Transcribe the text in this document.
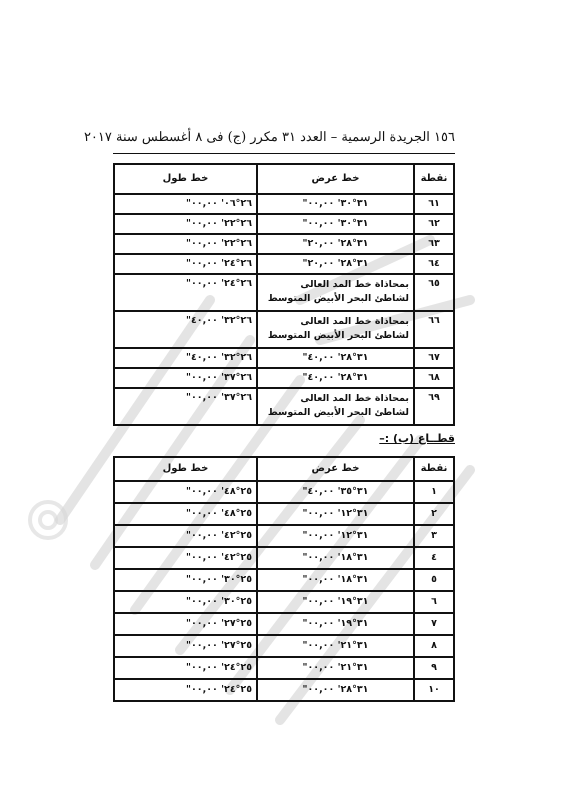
١٥٦ الجريدة الرسمية – العدد ٣١ مكرر (ج) فى ٨ أغسطس سنة ٢٠١٧
نقطة	خط عرض	خط طول
٦١	٣١°٣٠' ٠٠,٠٠"	٢٦°٠٦' ٠٠,٠٠"
٦٢	٣١°٣٠' ٠٠,٠٠"	٢٦°٢٢' ٠٠,٠٠"
٦٣	٣١°٢٨' ٢٠,٠٠"	٢٦°٢٢' ٠٠,٠٠"
٦٤	٣١°٢٨' ٢٠,٠٠"	٢٦°٢٤' ٠٠,٠٠"
٦٥	بمحاذاة خط المد العالى
لشاطئ البحر الأبيض المتوسط	٢٦°٢٤' ٠٠,٠٠"
٦٦	بمحاذاة خط المد العالى
لشاطئ البحر الأبيض المتوسط	٢٦°٣٢' ٤٠,٠٠"
٦٧	٣١°٢٨' ٤٠,٠٠"	٢٦°٣٢' ٤٠,٠٠"
٦٨	٣١°٢٨' ٤٠,٠٠"	٢٦°٣٧' ٠٠,٠٠"
٦٩	بمحاذاة خط المد العالى
لشاطئ البحر الأبيض المتوسط	٢٦°٣٧' ٠٠,٠٠"
قطــاع (ب) :–
نقطة	خط عرض	خط طول
١	٣١°٣٥' ٤٠,٠٠"	٢٥°٤٨' ٠٠,٠٠"
٢	٣١°١٢' ٠٠,٠٠"	٢٥°٤٨' ٠٠,٠٠"
٣	٣١°١٢' ٠٠,٠٠"	٢٥°٤٢' ٠٠,٠٠"
٤	٣١°١٨' ٠٠,٠٠"	٢٥°٤٢' ٠٠,٠٠"
٥	٣١°١٨' ٠٠,٠٠"	٢٥°٣٠' ٠٠,٠٠"
٦	٣١°١٩' ٠٠,٠٠"	٢٥°٣٠' ٠٠,٠٠"
٧	٣١°١٩' ٠٠,٠٠"	٢٥°٢٧' ٠٠,٠٠"
٨	٣١°٢١' ٠٠,٠٠"	٢٥°٢٧' ٠٠,٠٠"
٩	٣١°٢١' ٠٠,٠٠"	٢٥°٢٤' ٠٠,٠٠"
١٠	٣١°٢٨' ٠٠,٠٠"	٢٥°٢٤' ٠٠,٠٠"
